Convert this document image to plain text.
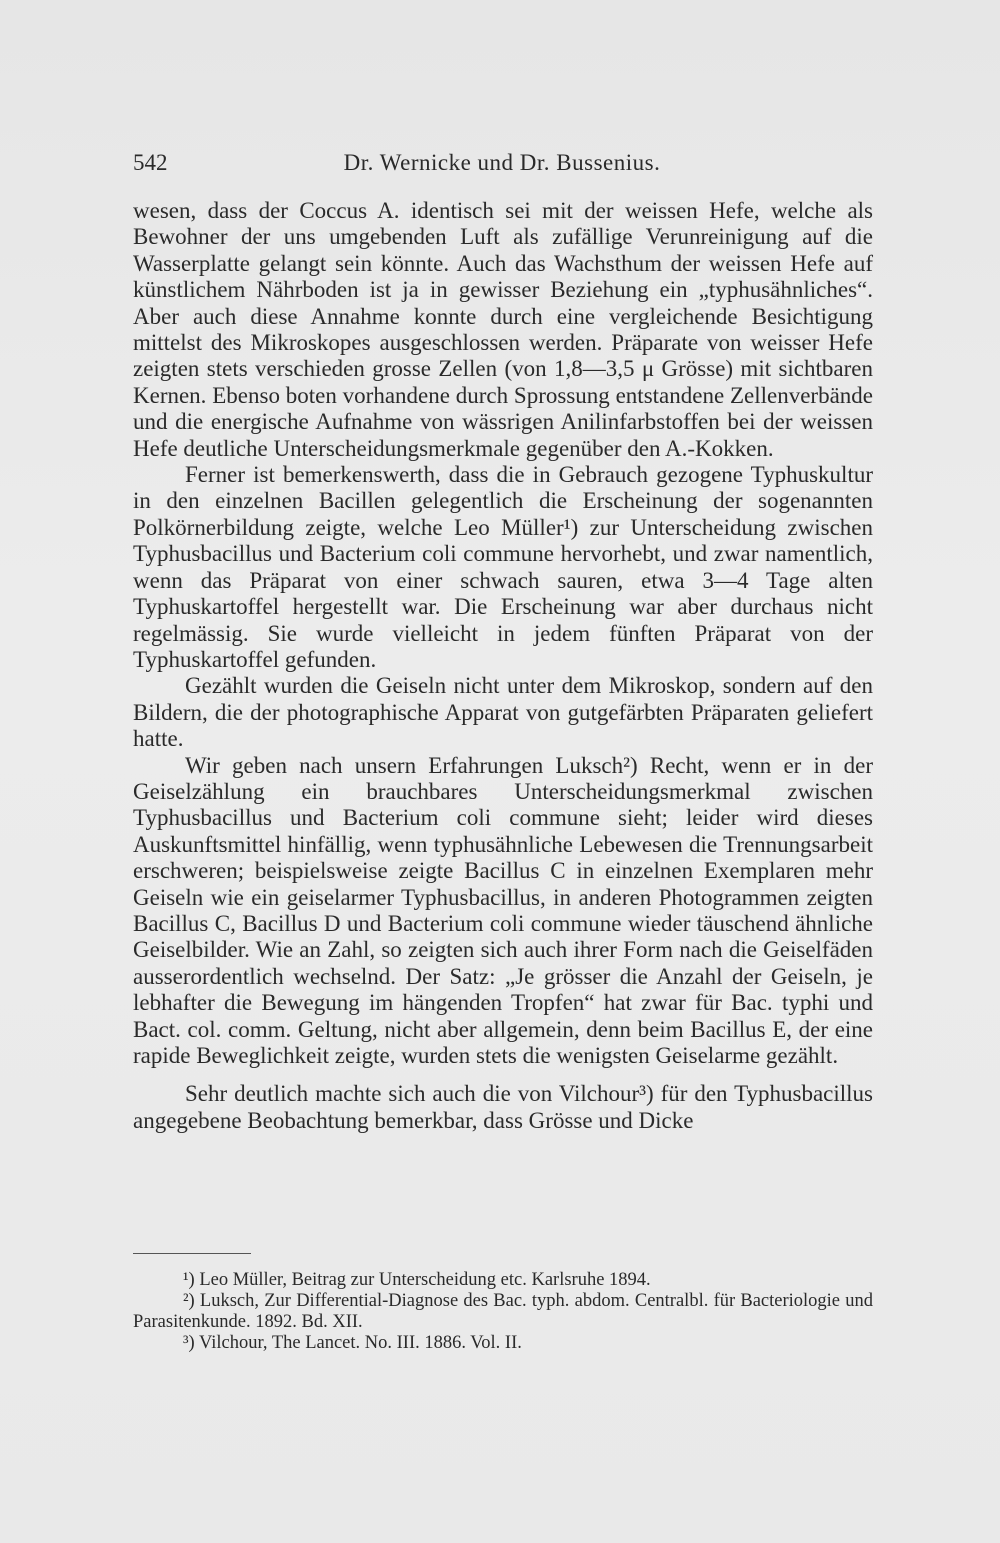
542	Dr. Wernicke und Dr. Bussenius.

wesen, dass der Coccus A. identisch sei mit der weissen Hefe, welche als Bewohner der uns umgebenden Luft als zufällige Verunreinigung auf die Wasserplatte gelangt sein könnte. Auch das Wachsthum der weissen Hefe auf künstlichem Nährboden ist ja in gewisser Beziehung ein „typhusähnliches“. Aber auch diese Annahme konnte durch eine vergleichende Besichtigung mittelst des Mikroskopes ausgeschlossen werden. Präparate von weisser Hefe zeigten stets verschieden grosse Zellen (von 1,8—3,5 μ Grösse) mit sichtbaren Kernen. Ebenso boten vorhandene durch Sprossung entstandene Zellenverbände und die energische Aufnahme von wässrigen Anilinfarbstoffen bei der weissen Hefe deutliche Unterscheidungsmerkmale gegenüber den A.-Kokken.

Ferner ist bemerkenswerth, dass die in Gebrauch gezogene Typhuskultur in den einzelnen Bacillen gelegentlich die Erscheinung der sogenannten Polkörnerbildung zeigte, welche Leo Müller¹) zur Unterscheidung zwischen Typhusbacillus und Bacterium coli commune hervorhebt, und zwar namentlich, wenn das Präparat von einer schwach sauren, etwa 3—4 Tage alten Typhuskartoffel hergestellt war. Die Erscheinung war aber durchaus nicht regelmässig. Sie wurde vielleicht in jedem fünften Präparat von der Typhuskartoffel gefunden.

Gezählt wurden die Geiseln nicht unter dem Mikroskop, sondern auf den Bildern, die der photographische Apparat von gutgefärbten Präparaten geliefert hatte.

Wir geben nach unsern Erfahrungen Luksch²) Recht, wenn er in der Geiselzählung ein brauchbares Unterscheidungsmerkmal zwischen Typhusbacillus und Bacterium coli commune sieht; leider wird dieses Auskunftsmittel hinfällig, wenn typhusähnliche Lebewesen die Trennungsarbeit erschweren; beispielsweise zeigte Bacillus C in einzelnen Exemplaren mehr Geiseln wie ein geiselarmer Typhusbacillus, in anderen Photogrammen zeigten Bacillus C, Bacillus D und Bacterium coli commune wieder täuschend ähnliche Geiselbilder. Wie an Zahl, so zeigten sich auch ihrer Form nach die Geiselfäden ausserordentlich wechselnd. Der Satz: „Je grösser die Anzahl der Geiseln, je lebhafter die Bewegung im hängenden Tropfen“ hat zwar für Bac. typhi und Bact. col. comm. Geltung, nicht aber allgemein, denn beim Bacillus E, der eine rapide Beweglichkeit zeigte, wurden stets die wenigsten Geiselarme gezählt.

Sehr deutlich machte sich auch die von Vilchour³) für den Typhusbacillus angegebene Beobachtung bemerkbar, dass Grösse und Dicke

¹) Leo Müller, Beitrag zur Unterscheidung etc. Karlsruhe 1894.

²) Luksch, Zur Differential-Diagnose des Bac. typh. abdom. Centralbl. für Bacteriologie und Parasitenkunde. 1892. Bd. XII.

³) Vilchour, The Lancet. No. III. 1886. Vol. II.
